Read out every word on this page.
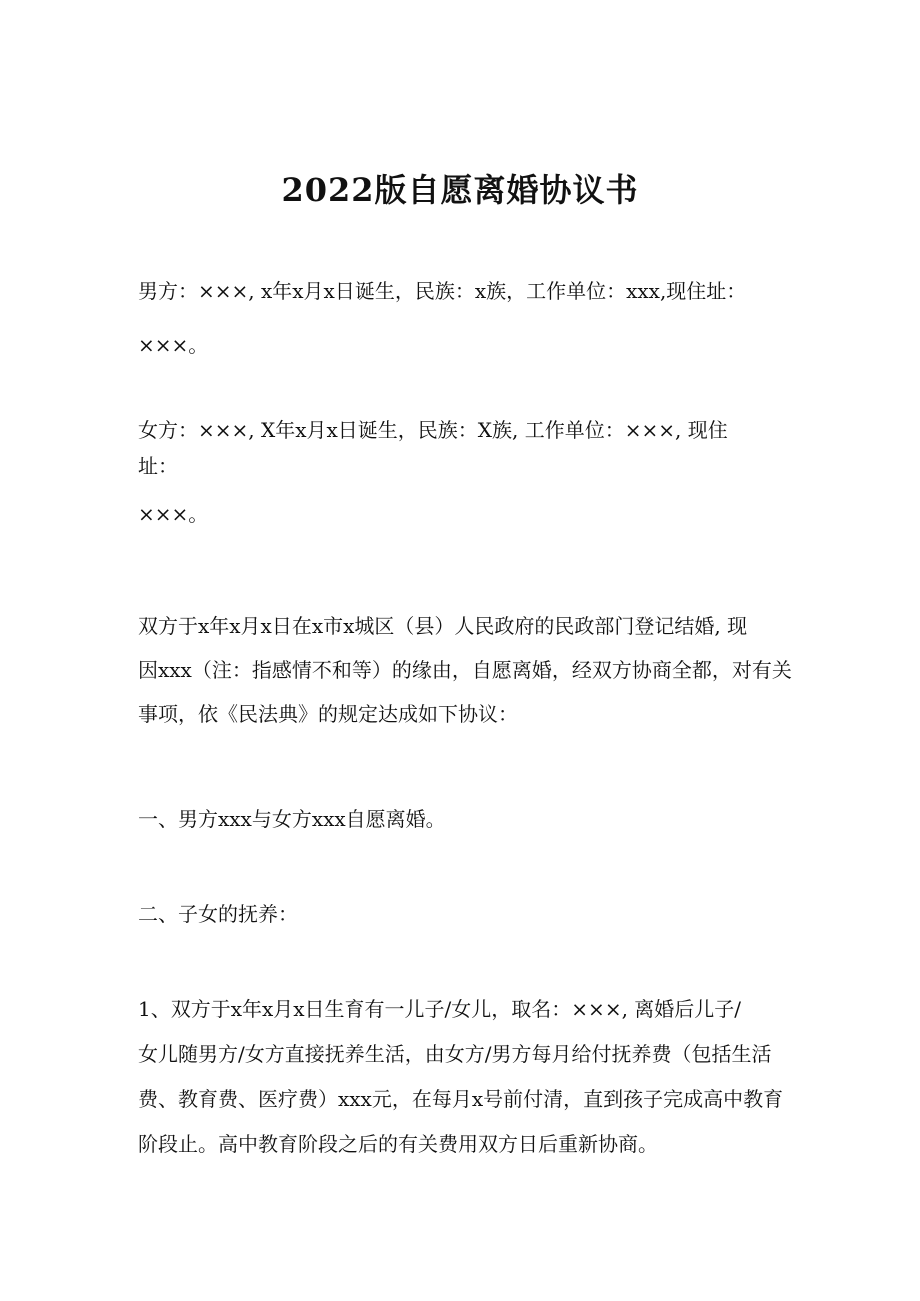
2022版自愿离婚协议书

男方：×××, x年x月x日诞生，民族：x族，工作单位：xxx,现住址：
×××。

女方：×××, X年x月x日诞生，民族：X族, 工作单位：×××, 现住
址：
×××。

双方于x年x月x日在x市x城区（县）人民政府的民政部门登记结婚, 现
因xxx（注：指感情不和等）的缘由，自愿离婚，经双方协商全都，对有关
事项，依《民法典》的规定达成如下协议：

一、男方xxx与女方xxx自愿离婚。

二、子女的抚养：

1、双方于x年x月x日生育有一儿子/女儿，取名：×××, 离婚后儿子/
女儿随男方/女方直接抚养生活，由女方/男方每月给付抚养费（包括生活
费、教育费、医疗费）xxx元，在每月x号前付清，直到孩子完成高中教育
阶段止。高中教育阶段之后的有关费用双方日后重新协商。
